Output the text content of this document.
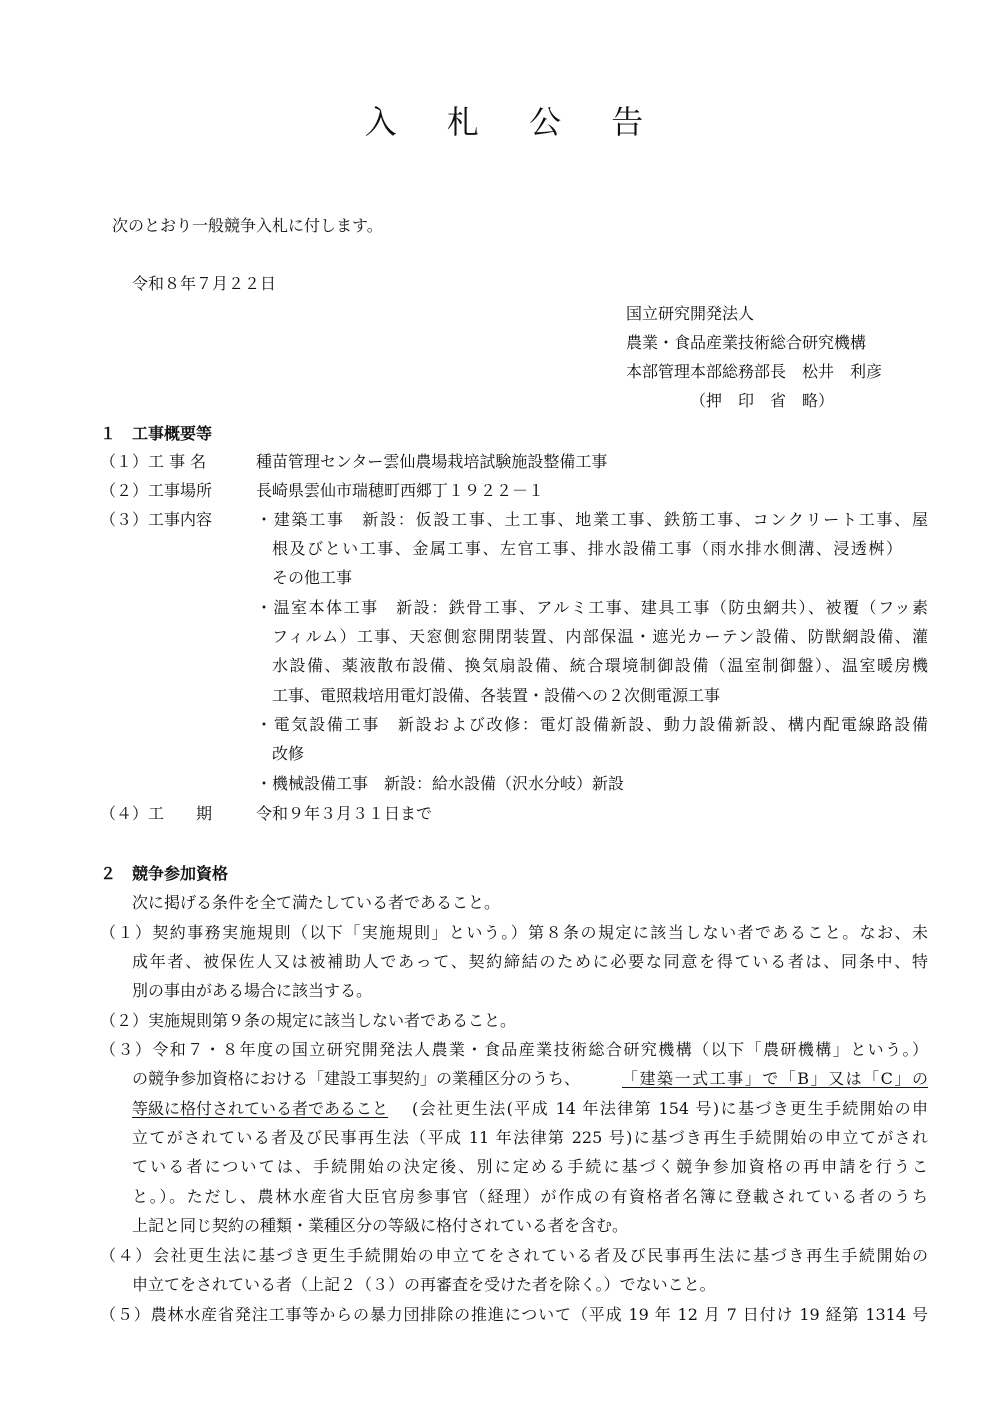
入 札 公 告
次のとおり一般競争入札に付します。
令和８年７月２２日
国立研究開発法人
農業・食品産業技術総合研究機構
本部管理本部総務部長　松井　利彦
（押　印　省　略）
１　工事概要等
（１） 工 事 名	種苗管理センター雲仙農場栽培試験施設整備工事
（２） 工事場所	長崎県雲仙市瑞穂町西郷丁１９２２－１
（３） 工事内容	・建築工事　新設：仮設工事、土工事、地業工事、鉄筋工事、コンクリート工事、屋
根及びとい工事、金属工事、左官工事、排水設備工事（雨水排水側溝、浸透桝）
その他工事
・温室本体工事　新設：鉄骨工事、アルミ工事、建具工事（防虫網共）、被覆（フッ素
フィルム）工事、天窓側窓開閉装置、内部保温・遮光カーテン設備、防獣網設備、灌
水設備、薬液散布設備、換気扇設備、統合環境制御設備（温室制御盤）、温室暖房機
工事、電照栽培用電灯設備、各装置・設備への２次側電源工事
・電気設備工事　新設および改修：電灯設備新設、動力設備新設、構内配電線路設備
改修
・機械設備工事　新設：給水設備（沢水分岐）新設
（４） 工　　期	令和９年３月３１日まで
２　競争参加資格
次に掲げる条件を全て満たしている者であること。
（１）契約事務実施規則（以下「実施規則」という。）第８条の規定に該当しない者であること。なお、未
成年者、被保佐人又は被補助人であって、契約締結のために必要な同意を得ている者は、同条中、特
別の事由がある場合に該当する。
（２）実施規則第９条の規定に該当しない者であること。
（３）令和７・８年度の国立研究開発法人農業・食品産業技術総合研究機構（以下「農研機構」という。）
の競争参加資格における「建設工事契約」の業種区分のうち、	「建築一式工事」で「B」又は「C」の
等級に格付されている者であること (会社更生法(平成 14 年法律第 154 号)に基づき更生手続開始の申
立てがされている者及び民事再生法（平成 11 年法律第 225 号)に基づき再生手続開始の申立てがされ
ている者については、手続開始の決定後、別に定める手続に基づく競争参加資格の再申請を行うこ
と。）。ただし、農林水産省大臣官房参事官（経理）が作成の有資格者名簿に登載されている者のうち
上記と同じ契約の種類・業種区分の等級に格付されている者を含む。
（４）会社更生法に基づき更生手続開始の申立てをされている者及び民事再生法に基づき再生手続開始の
申立てをされている者（上記２（３）の再審査を受けた者を除く。）でないこと。
（５）農林水産省発注工事等からの暴力団排除の推進について（平成 19 年 12 月 7 日付け 19 経第 1314 号
